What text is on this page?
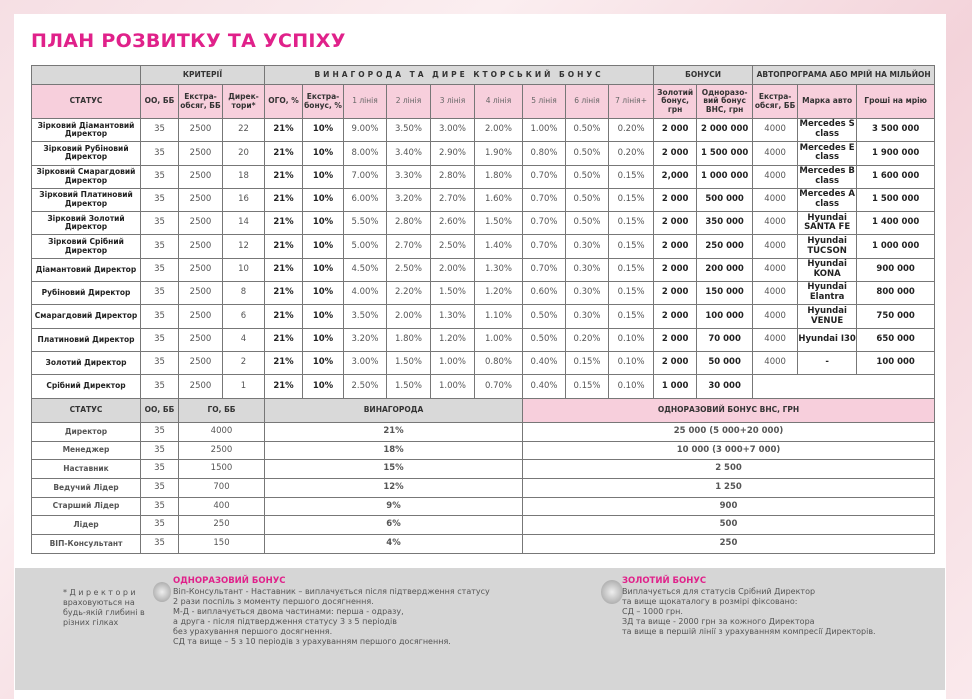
ПЛАН РОЗВИТКУ ТА УСПІХУ
	КРИТЕРІЇ			ВИНАГОРОДА ТА ДИРЕ КТОРСЬКИЙ БОНУС									БОНУСИ		АВТОПРОГРАМА АБО МРІЙ НА МІЛЬЙОН		
СТАТУС	ОО, ББ	Екстра-обсяг, ББ	Дирек-тори*	ОГО, %	Екстра-бонус, %	1 лінія	2 лінія	3 лінія	4 лінія	5 лінія	6 лінія	7 лінія+	Золотий бонус, грн	Одноразо-вий бонус ВНС, грн	Екстра-обсяг, ББ	Марка авто	Гроші на мрію
Зірковий Діамантовий Директор	35	2500	22	21%	10%	9.00%	3.50%	3.00%	2.00%	1.00%	0.50%	0.20%	2 000	2 000 000	4000	Mercedes S class	3 500 000
Зірковий Рубіновий Директор	35	2500	20	21%	10%	8.00%	3.40%	2.90%	1.90%	0.80%	0.50%	0.20%	2 000	1 500 000	4000	Mercedes E class	1 900 000
Зірковий Смарагдовий Директор	35	2500	18	21%	10%	7.00%	3.30%	2.80%	1.80%	0.70%	0.50%	0.15%	2,000	1 000 000	4000	Mercedes B class	1 600 000
Зірковий Платиновий Директор	35	2500	16	21%	10%	6.00%	3.20%	2.70%	1.60%	0.70%	0.50%	0.15%	2 000	500 000	4000	Mercedes A class	1 500 000
Зірковий Золотий Директор	35	2500	14	21%	10%	5.50%	2.80%	2.60%	1.50%	0.70%	0.50%	0.15%	2 000	350 000	4000	Hyundai SANTA FE	1 400 000
Зірковий Срібний Директор	35	2500	12	21%	10%	5.00%	2.70%	2.50%	1.40%	0.70%	0.30%	0.15%	2 000	250 000	4000	Hyundai TUCSON	1 000 000
Діамантовий Директор	35	2500	10	21%	10%	4.50%	2.50%	2.00%	1.30%	0.70%	0.30%	0.15%	2 000	200 000	4000	Hyundai KONA	900 000
Рубіновий Директор	35	2500	8	21%	10%	4.00%	2.20%	1.50%	1.20%	0.60%	0.30%	0.15%	2 000	150 000	4000	Hyundai Elantra	800 000
Смарагдовий Директор	35	2500	6	21%	10%	3.50%	2.00%	1.30%	1.10%	0.50%	0.30%	0.15%	2 000	100 000	4000	Hyundai VENUE	750 000
Платиновий Директор	35	2500	4	21%	10%	3.20%	1.80%	1.20%	1.00%	0.50%	0.20%	0.10%	2 000	70 000	4000	Hyundai I30	650 000
Золотий Директор	35	2500	2	21%	10%	3.00%	1.50%	1.00%	0.80%	0.40%	0.15%	0.10%	2 000	50 000	4000	-	100 000
Срібний Директор	35	2500	1	21%	10%	2.50%	1.50%	1.00%	0.70%	0.40%	0.15%	0.10%	1 000	30 000			
СТАТУС	ОО, ББ	ГО, ББ	ВИНАГОРОДА	ОДНОРАЗОВИЙ БОНУС ВНС, ГРН
Директор	35	4000	21%	25 000 (5 000+20 000)
Менеджер	35	2500	18%	10 000 (3 000+7 000)
Наставник	35	1500	15%	2 500
Ведучий Лідер	35	700	12%	1 250
Старший Лідер	35	400	9%	900
Лідер	35	250	6%	500
ВІП-Консультант	35	150	4%	250
*Директори
враховуються на будь-якій глибині в різних гілках
ОДНОРАЗОВИЙ БОНУС
Віп-Консультант - Наставник – виплачується після підтвердження статусу
2 рази поспіль з моменту першого досягнення.
М-Д - виплачується двома частинами: перша - одразу,
а друга - після підтвердження статусу 3 з 5 періодів
без урахування першого досягнення.
СД та вище – 5 з 10 періодів з урахуванням першого досягнення.
ЗОЛОТИЙ БОНУС
Виплачується для статусів Срібний Директор
та вище щокаталогу в розмірі фіксовано:
СД – 1000 грн.
ЗД та вище - 2000 грн за кожного Директора
та вище в першій лінії з урахуванням компресії Директорів.
